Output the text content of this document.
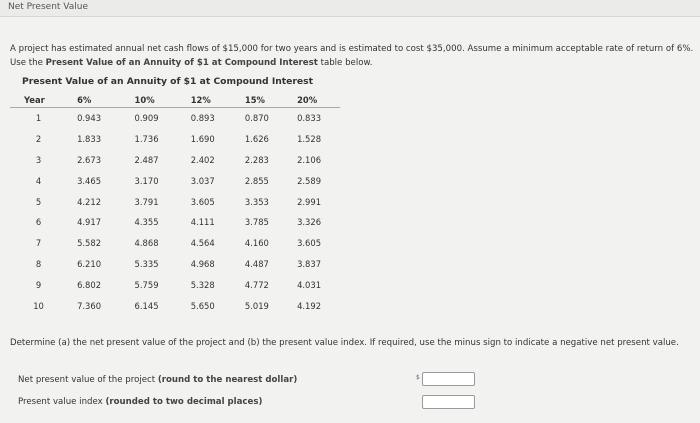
Net Present Value
A project has estimated annual net cash flows of $15,000 for two years and is estimated to cost $35,000. Assume a minimum acceptable rate of return of 6%. Use the Present Value of an Annuity of $1 at Compound Interest table below.
Present Value of an Annuity of $1 at Compound Interest
Year	6%	10%	12%	15%	20%
1	0.943	0.909	0.893	0.870	0.833
2	1.833	1.736	1.690	1.626	1.528
3	2.673	2.487	2.402	2.283	2.106
4	3.465	3.170	3.037	2.855	2.589
5	4.212	3.791	3.605	3.353	2.991
6	4.917	4.355	4.111	3.785	3.326
7	5.582	4.868	4.564	4.160	3.605
8	6.210	5.335	4.968	4.487	3.837
9	6.802	5.759	5.328	4.772	4.031
10	7.360	6.145	5.650	5.019	4.192
Determine (a) the net present value of the project and (b) the present value index. If required, use the minus sign to indicate a negative net present value.
Net present value of the project (round to the nearest dollar)	$
Present value index (rounded to two decimal places)
